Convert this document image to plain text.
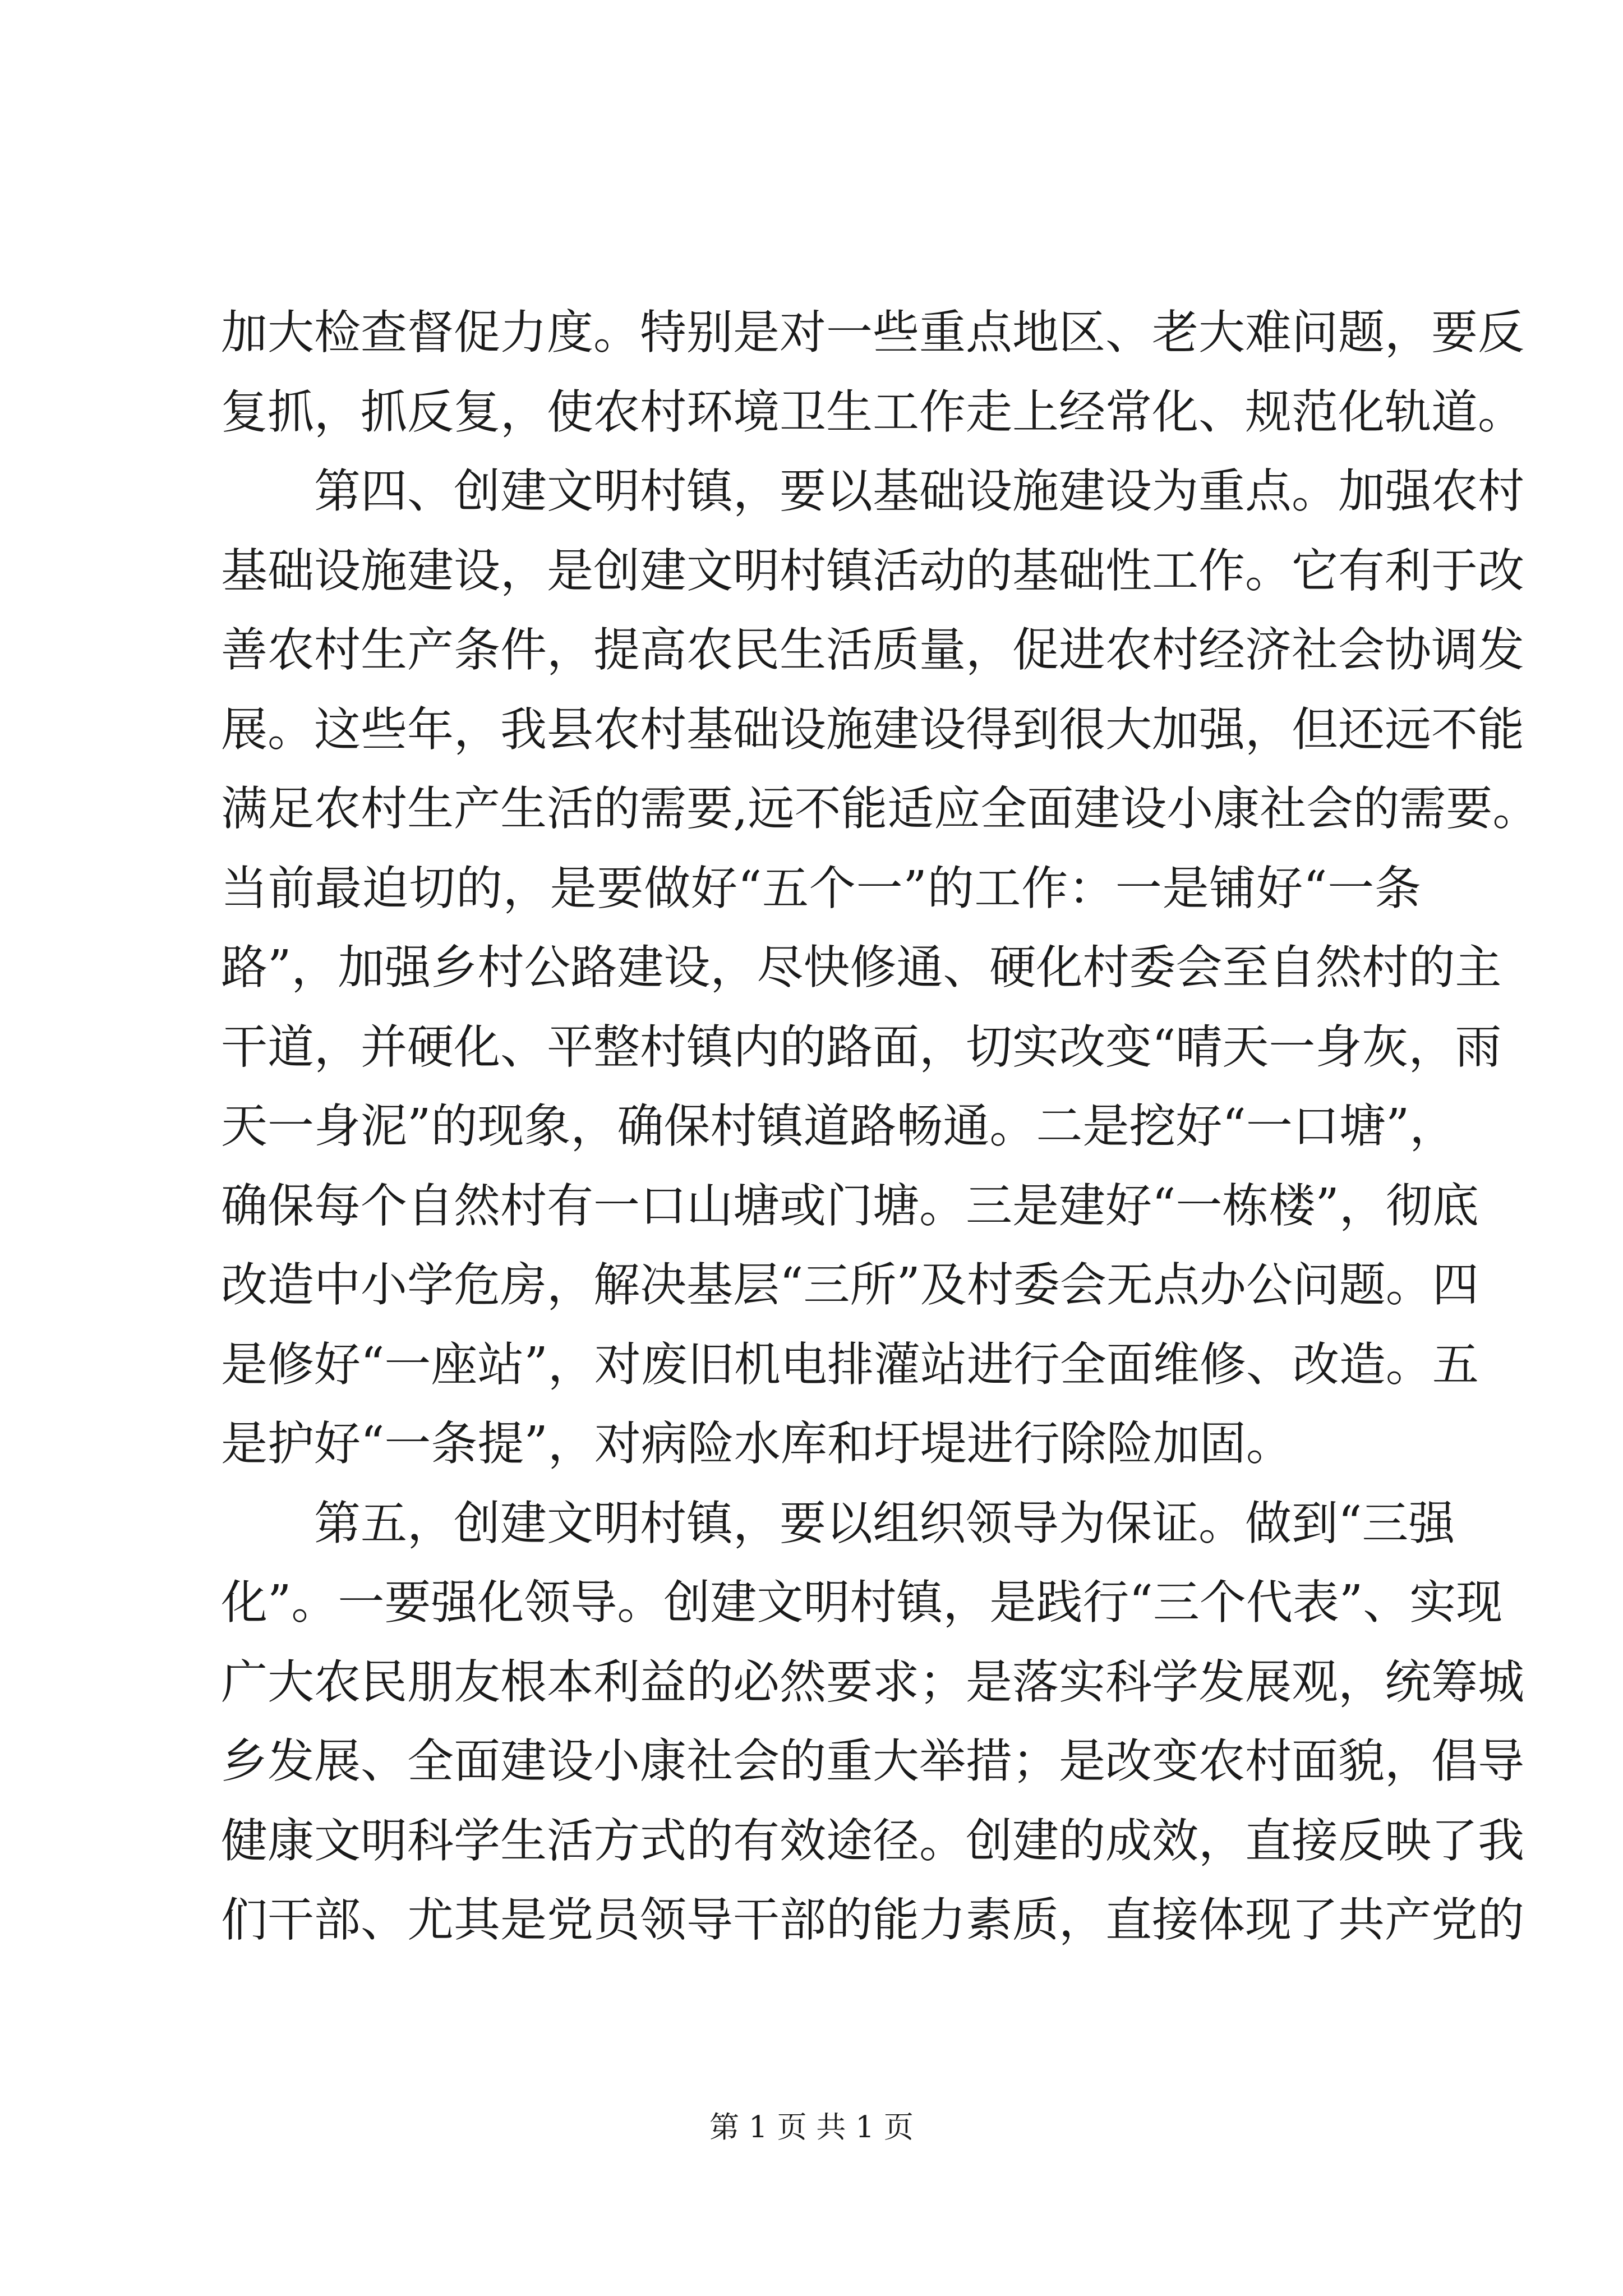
加大检查督促力度。特别是对一些重点地区、老大难问题，要反
复抓，抓反复，使农村环境卫生工作走上经常化、规范化轨道。
第四、创建文明村镇，要以基础设施建设为重点。加强农村
基础设施建设，是创建文明村镇活动的基础性工作。它有利于改
善农村生产条件，提高农民生活质量，促进农村经济社会协调发
展。这些年，我县农村基础设施建设得到很大加强，但还远不能
满足农村生产生活的需要,远不能适应全面建设小康社会的需要。
当前最迫切的，是要做好“五个一”的工作：一是铺好“一条
路”，加强乡村公路建设，尽快修通、硬化村委会至自然村的主
干道，并硬化、平整村镇内的路面，切实改变“晴天一身灰，雨
天一身泥”的现象，确保村镇道路畅通。二是挖好“一口塘”，
确保每个自然村有一口山塘或门塘。三是建好“一栋楼”，彻底
改造中小学危房，解决基层“三所”及村委会无点办公问题。四
是修好“一座站”，对废旧机电排灌站进行全面维修、改造。五
是护好“一条提”，对病险水库和圩堤进行除险加固。
第五，创建文明村镇，要以组织领导为保证。做到“三强
化”。一要强化领导。创建文明村镇，是践行“三个代表”、实现
广大农民朋友根本利益的必然要求；是落实科学发展观，统筹城
乡发展、全面建设小康社会的重大举措；是改变农村面貌，倡导
健康文明科学生活方式的有效途径。创建的成效，直接反映了我
们干部、尤其是党员领导干部的能力素质，直接体现了共产党的
第 1 页 共 1 页
